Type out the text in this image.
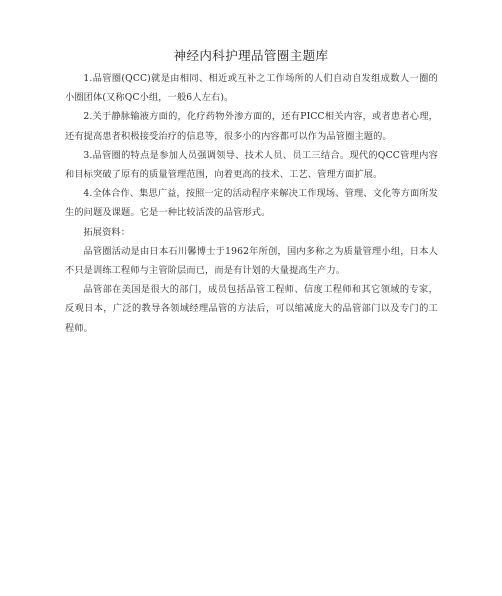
神经内科护理品管圈主题库

1.品管圈(QCC)就是由相同、相近或互补之工作场所的人们自动自发组成数人一圈的小圈团体(又称QC小组，一般6人左右)。

2.关于静脉输液方面的，化疗药物外渗方面的，还有PICC相关内容，或者患者心理，还有提高患者积极接受治疗的信息等，很多小的内容都可以作为品管圈主题的。

3.品管圈的特点是参加人员强调领导、技术人员、员工三结合。现代的QCC管理内容和目标突破了原有的质量管理范围，向着更高的技术、工艺、管理方面扩展。

4.全体合作、集思广益，按照一定的活动程序来解决工作现场、管理、文化等方面所发生的问题及课题。它是一种比较活泼的品管形式。

拓展资料：

品管圈活动是由日本石川馨博士于1962年所创，国内多称之为质量管理小组，日本人不只是训练工程师与主管阶层而已，而是有计划的大量提高生产力。

品管部在美国是很大的部门，成员包括品管工程师、信度工程师和其它领域的专家，反观日本，广泛的教导各领域经理品管的方法后，可以缩减庞大的品管部门以及专门的工程师。
